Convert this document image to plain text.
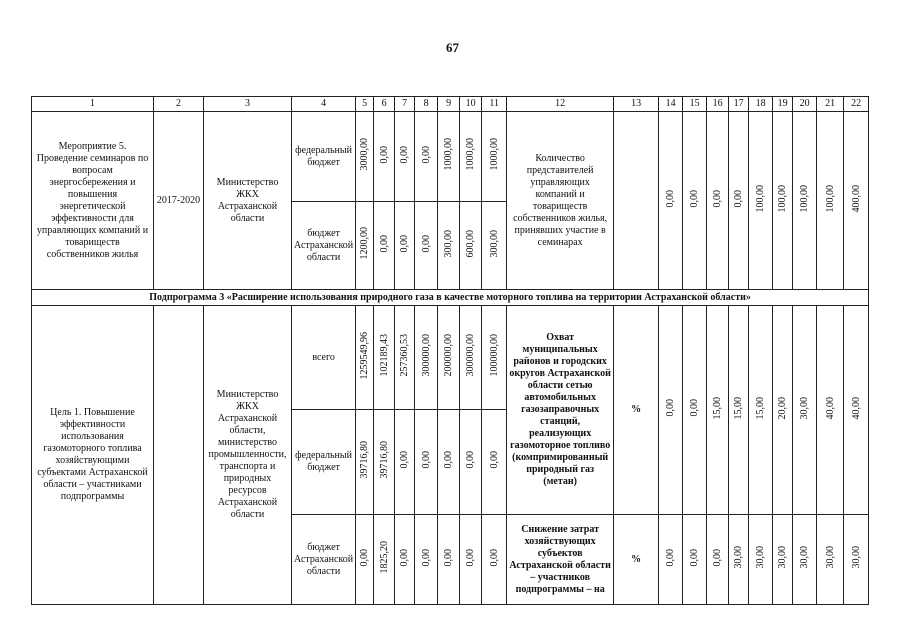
67
1	2	3	4	5	6	7	8	9	10	11	12	13	14	15	16	17	18	19	20	21	22
Мероприятие 5. Проведение семинаров по вопросам энергосбережения и повышения энергетической эффективности для управляющих компаний и товариществ собственников жилья	2017-2020	Министерство ЖКХ Астраханской области	федеральный бюджет	3000,00	0,00	0,00	0,00	1000,00	1000,00	1000,00	Количество представителей управляющих компаний и товариществ собственников жилья, принявших участие в семинарах		0,00	0,00	0,00	0,00	100,00	100,00	100,00	100,00	400,00
			бюджет Астраханской области	1200,00	0,00	0,00	0,00	300,00	600,00	300,00											
Подпрограмма 3 «Расширение использования природного газа в качестве моторного топлива на территории Астраханской области»																					
Цель 1. Повышение эффективности использования газомоторного топлива хозяйствующими субъектами Астраханской области – участниками подпрограммы		Министерство ЖКХ Астраханской области, министерство промышленности, транспорта и природных ресурсов Астраханской области	всего	1259549,96	102189,43	257360,53	300000,00	200000,00	300000,00	100000,00	Охват муниципальных районов и городских округов Астраханской области сетью автомобильных газозаправочных станций, реализующих газомоторное топливо (компримированный природный газ (метан)	%	0,00	0,00	15,00	15,00	15,00	20,00	30,00	40,00	40,00
			федеральный бюджет	39716,80	39716,80	0,00	0,00	0,00	0,00	0,00											
			бюджет Астраханской области	0,00	1825,20	0,00	0,00	0,00	0,00	0,00	Снижение затрат хозяйствующих субъектов Астраханской области – участников подпрограммы – на	%	0,00	0,00	0,00	30,00	30,00	30,00	30,00	30,00	30,00
